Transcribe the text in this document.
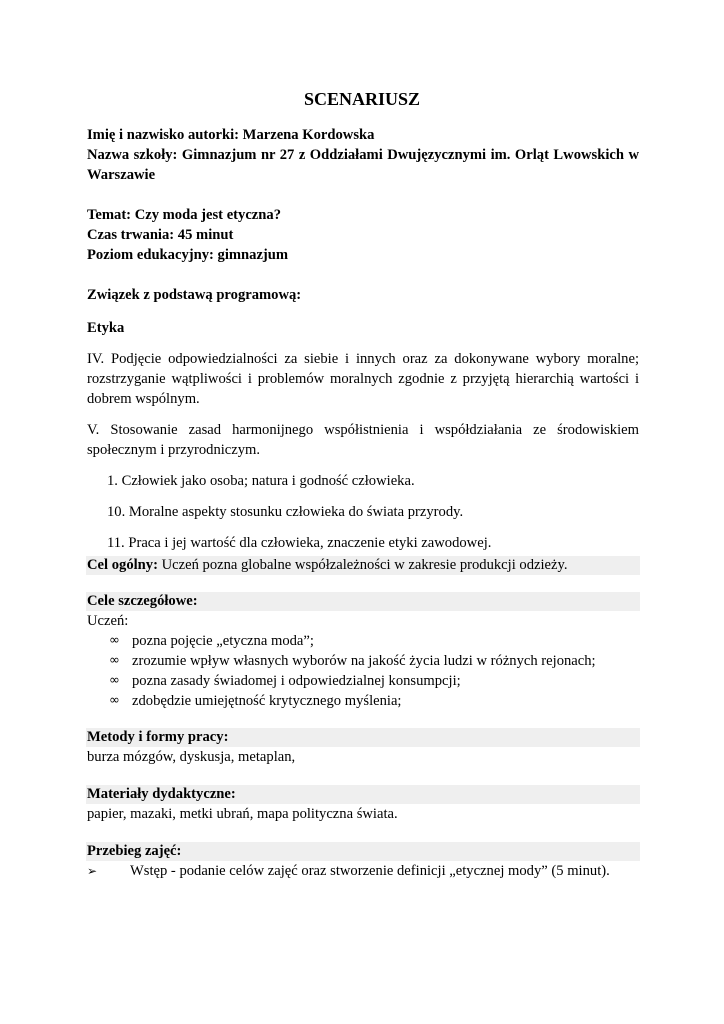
SCENARIUSZ

Imię i nazwisko autorki: Marzena Kordowska

Nazwa szkoły: Gimnazjum nr 27 z Oddziałami Dwujęzycznymi im. Orląt Lwowskich w Warszawie

Temat: Czy moda jest etyczna?

Czas trwania: 45 minut

Poziom edukacyjny: gimnazjum

Związek z podstawą programową:

Etyka

IV. Podjęcie odpowiedzialności za siebie i innych oraz za dokonywane wybory moralne; rozstrzyganie wątpliwości i problemów moralnych zgodnie z przyjętą hierarchią wartości i dobrem wspólnym.

V. Stosowanie zasad harmonijnego współistnienia i współdziałania ze środowiskiem społecznym i przyrodniczym.

1. Człowiek jako osoba; natura i godność człowieka.

10. Moralne aspekty stosunku człowieka do świata przyrody.

11. Praca i jej wartość dla człowieka, znaczenie etyki zawodowej.

Cel ogólny: Uczeń pozna globalne współzależności w zakresie produkcji odzieży.
Cele szczegółowe:

Uczeń:

∞ pozna pojęcie „etyczna moda”;
∞ zrozumie wpływ własnych wyborów na jakość życia ludzi w różnych rejonach;
∞ pozna zasady świadomej i odpowiedzialnej konsumpcji;
∞ zdobędzie umiejętność krytycznego myślenia;
Metody i formy pracy:

burza mózgów, dyskusja, metaplan,

Materiały dydaktyczne:

papier, mazaki, metki ubrań, mapa polityczna świata.

Przebieg zajęć:

➢ Wstęp - podanie celów zajęć oraz stworzenie definicji „etycznej mody” (5 minut).
